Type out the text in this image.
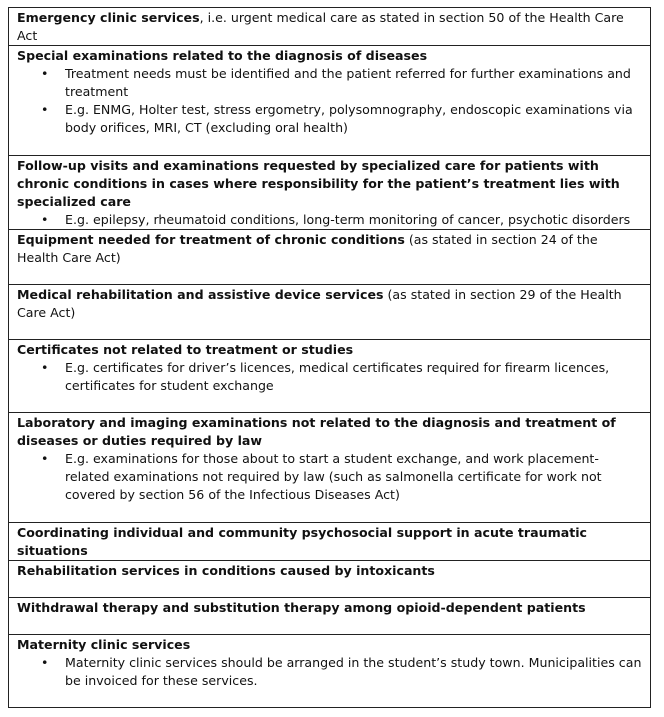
Emergency clinic services, i.e. urgent medical care as stated in section 50 of the Health Care Act

Special examinations related to the diagnosis of diseases
• Treatment needs must be identified and the patient referred for further examinations and treatment
• E.g. ENMG, Holter test, stress ergometry, polysomnography, endoscopic examinations via body orifices, MRI, CT (excluding oral health)

Follow-up visits and examinations requested by specialized care for patients with chronic conditions in cases where responsibility for the patient’s treatment lies with specialized care
• E.g. epilepsy, rheumatoid conditions, long-term monitoring of cancer, psychotic disorders

Equipment needed for treatment of chronic conditions (as stated in section 24 of the Health Care Act)
Medical rehabilitation and assistive device services (as stated in section 29 of the Health Care Act)

Certificates not related to treatment or studies
• E.g. certificates for driver’s licences, medical certificates required for firearm licences, certificates for student exchange

Laboratory and imaging examinations not related to the diagnosis and treatment of diseases or duties required by law
• E.g. examinations for those about to start a student exchange, and work placement-related examinations not required by law (such as salmonella certificate for work not covered by section 56 of the Infectious Diseases Act)

Coordinating individual and community psychosocial support in acute traumatic situations

Rehabilitation services in conditions caused by intoxicants

Withdrawal therapy and substitution therapy among opioid-dependent patients

Maternity clinic services
• Maternity clinic services should be arranged in the student’s study town. Municipalities can be invoiced for these services.
